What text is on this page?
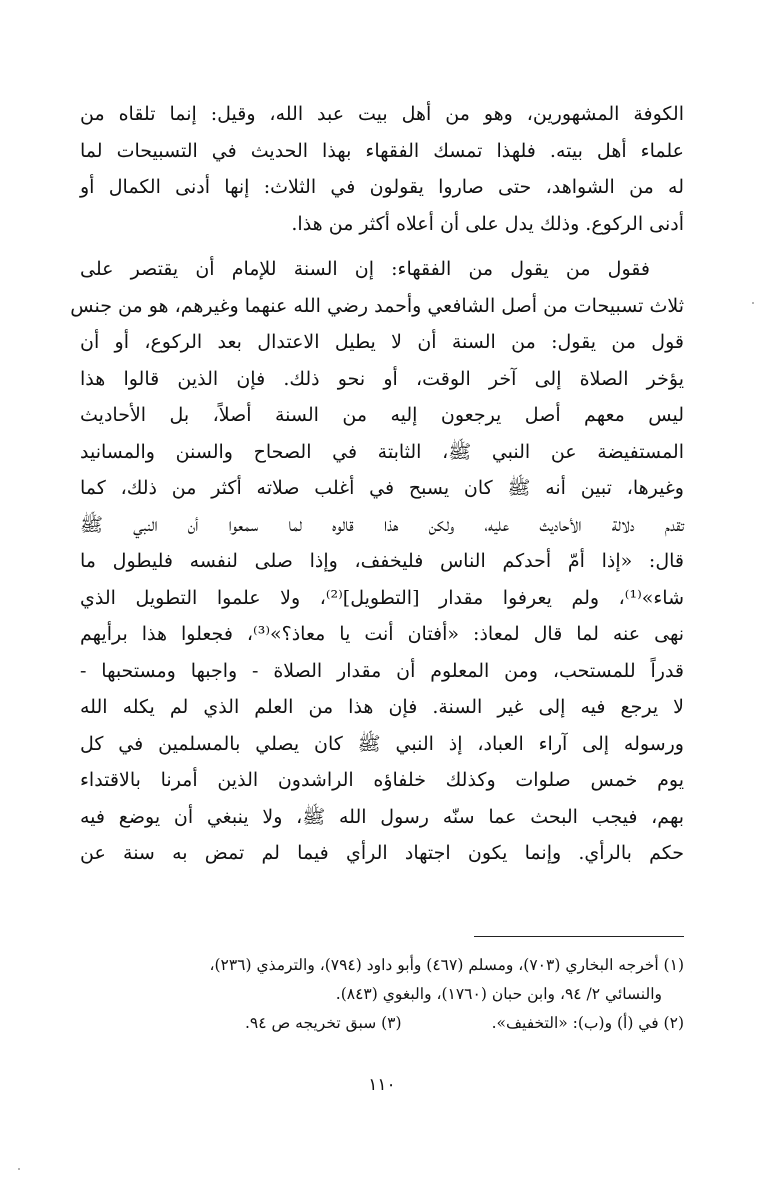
الكوفة المشهورين، وهو من أهل بيت عبد الله، وقيل: إنما تلقاه من
علماء أهل بيته. فلهذا تمسك الفقهاء بهذا الحديث في التسبيحات لما
له من الشواهد، حتى صاروا يقولون في الثلاث: إنها أدنى الكمال أو
أدنى الركوع. وذلك يدل على أن أعلاه أكثر من هذا.
فقول من يقول من الفقهاء: إن السنة للإمام أن يقتصر على
ثلاث تسبيحات من أصل الشافعي وأحمد رضي الله عنهما وغيرهم، هو من جنس
قول من يقول: من السنة أن لا يطيل الاعتدال بعد الركوع، أو أن
يؤخر الصلاة إلى آخر الوقت، أو نحو ذلك. فإن الذين قالوا هذا
ليس معهم أصل يرجعون إليه من السنة أصلاً، بل الأحاديث
المستفيضة عن النبي ﷺ، الثابتة في الصحاح والسنن والمسانيد
وغيرها، تبين أنه ﷺ كان يسبح في أغلب صلاته أكثر من ذلك، كما
تقدم دلالة الأحاديث عليه، ولكن هذا قالوه لما سمعوا أن النبي ﷺ
قال: «إذا أمّ أحدكم الناس فليخفف، وإذا صلى لنفسه فليطول ما
شاء»⁽¹⁾، ولم يعرفوا مقدار [التطويل]⁽²⁾، ولا علموا التطويل الذي
نهى عنه لما قال لمعاذ: «أفتان أنت يا معاذ؟»⁽³⁾، فجعلوا هذا برأيهم
قدراً للمستحب، ومن المعلوم أن مقدار الصلاة - واجبها ومستحبها -
لا يرجع فيه إلى غير السنة. فإن هذا من العلم الذي لم يكله الله
ورسوله إلى آراء العباد، إذ النبي ﷺ كان يصلي بالمسلمين في كل
يوم خمس صلوات وكذلك خلفاؤه الراشدون الذين أمرنا بالاقتداء
بهم، فيجب البحث عما سنّه رسول الله ﷺ، ولا ينبغي أن يوضع فيه
حكم بالرأي. وإنما يكون اجتهاد الرأي فيما لم تمض به سنة عن

(١) أخرجه البخاري (٧٠٣)، ومسلم (٤٦٧) وأبو داود (٧٩٤)، والترمذي (٢٣٦)،

والنسائي ٢/ ٩٤، وابن حبان (١٧٦٠)، والبغوي (٨٤٣).

(٢) في (أ) و(ب): «التخفيف».

(٣) سبق تخريجه ص ٩٤.

١١٠
